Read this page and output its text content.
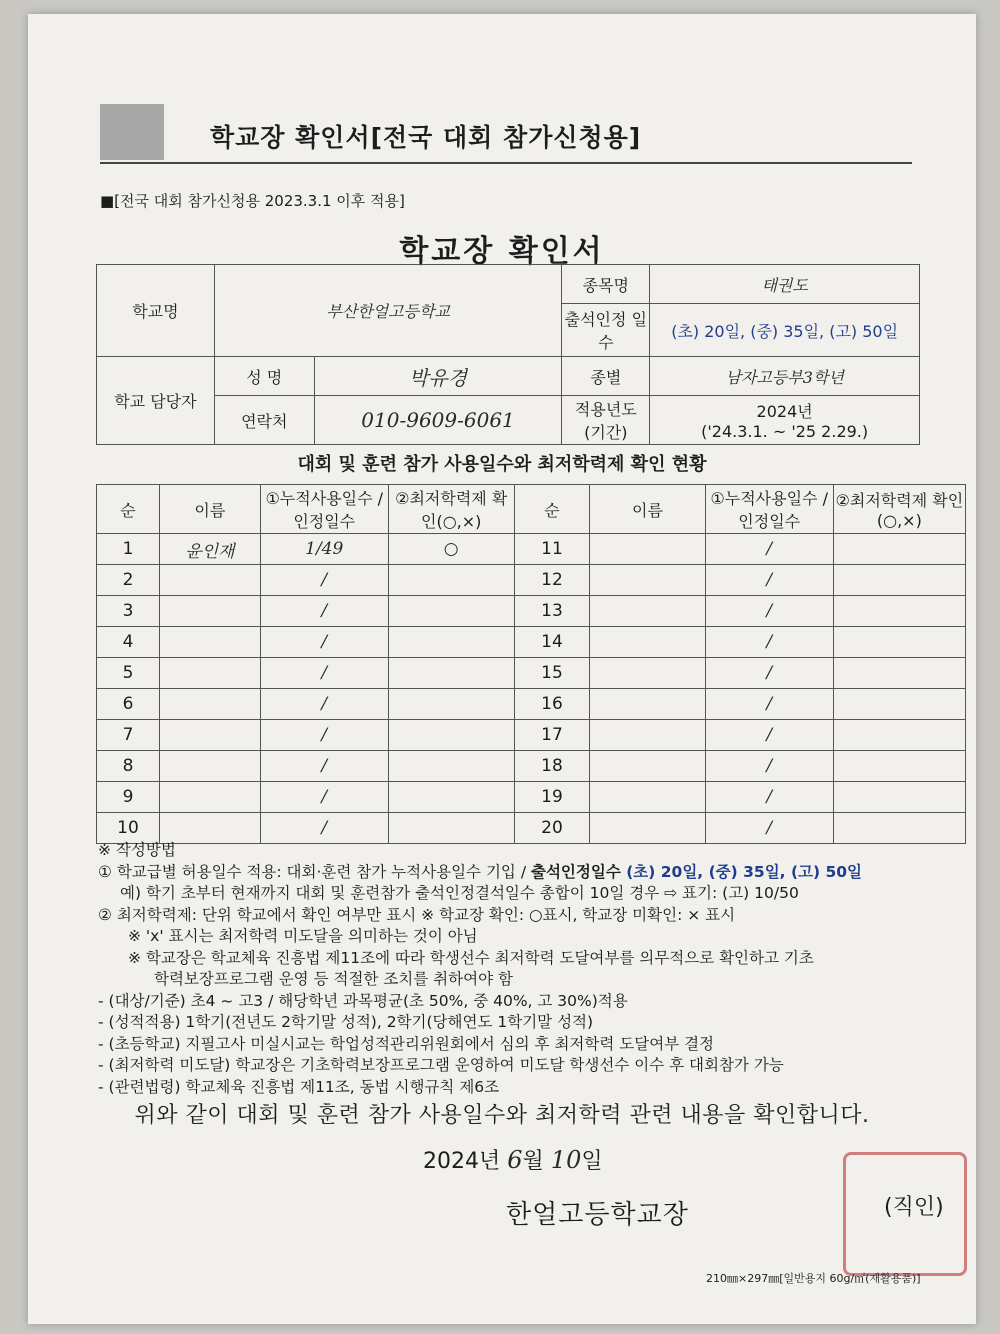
학교장 확인서[전국 대회 참가신청용]
■[전국 대회 참가신청용 2023.3.1 이후 적용]
학교장 확인서
학교명	부산한얼고등학교		종목명	태권도
			출석인정 일수	(초) 20일, (중) 35일, (고) 50일
학교 담당자	성 명	박유경	종별	남자고등부3학년
	연락처	010-9609-6061	적용년도 (기간)	2024년
('24.3.1. ~ '25 2.29.)
대회 및 훈련 참가 사용일수와 최저학력제 확인 현황
순	이름	①누적사용일수 /인정일수	②최저학력제 확인(○,×)	순	이름	①누적사용일수 /인정일수	②최저학력제 확인(○,×)
1	윤인재	1/49	○	11		/	
2		/		12		/	
3		/		13		/	
4		/		14		/	
5		/		15		/	
6		/		16		/	
7		/		17		/	
8		/		18		/	
9		/		19		/	
10		/		20		/	

※ 작성방법

① 학교급별 허용일수 적용: 대회·훈련 참가 누적사용일수 기입 / 출석인정일수 (초) 20일, (중) 35일, (고) 50일

예) 학기 초부터 현재까지 대회 및 훈련참가 출석인정결석일수 총합이 10일 경우 ⇨ 표기: (고) 10/50

② 최저학력제: 단위 학교에서 확인 여부만 표시 ※ 학교장 확인: ○표시, 학교장 미확인: × 표시

※ 'x' 표시는 최저학력 미도달을 의미하는 것이 아님

※ 학교장은 학교체육 진흥법 제11조에 따라 학생선수 최저학력 도달여부를 의무적으로 확인하고 기초

학력보장프로그램 운영 등 적절한 조치를 취하여야 함

- (대상/기준) 초4 ~ 고3 / 해당학년 과목평균(초 50%, 중 40%, 고 30%)적용

- (성적적용) 1학기(전년도 2학기말 성적), 2학기(당해연도 1학기말 성적)

- (초등학교) 지필고사 미실시교는 학업성적관리위원회에서 심의 후 최저학력 도달여부 결정

- (최저학력 미도달) 학교장은 기초학력보장프로그램 운영하여 미도달 학생선수 이수 후 대회참가 가능

- (관련법령) 학교체육 진흥법 제11조, 동법 시행규칙 제6조

위와 같이 대회 및 훈련 참가 사용일수와 최저학력 관련 내용을 확인합니다.
2024년 6월 10일
한얼고등학교장	(직인)
210㎜×297㎜[일반용지 60g/㎡(재활용품)]
